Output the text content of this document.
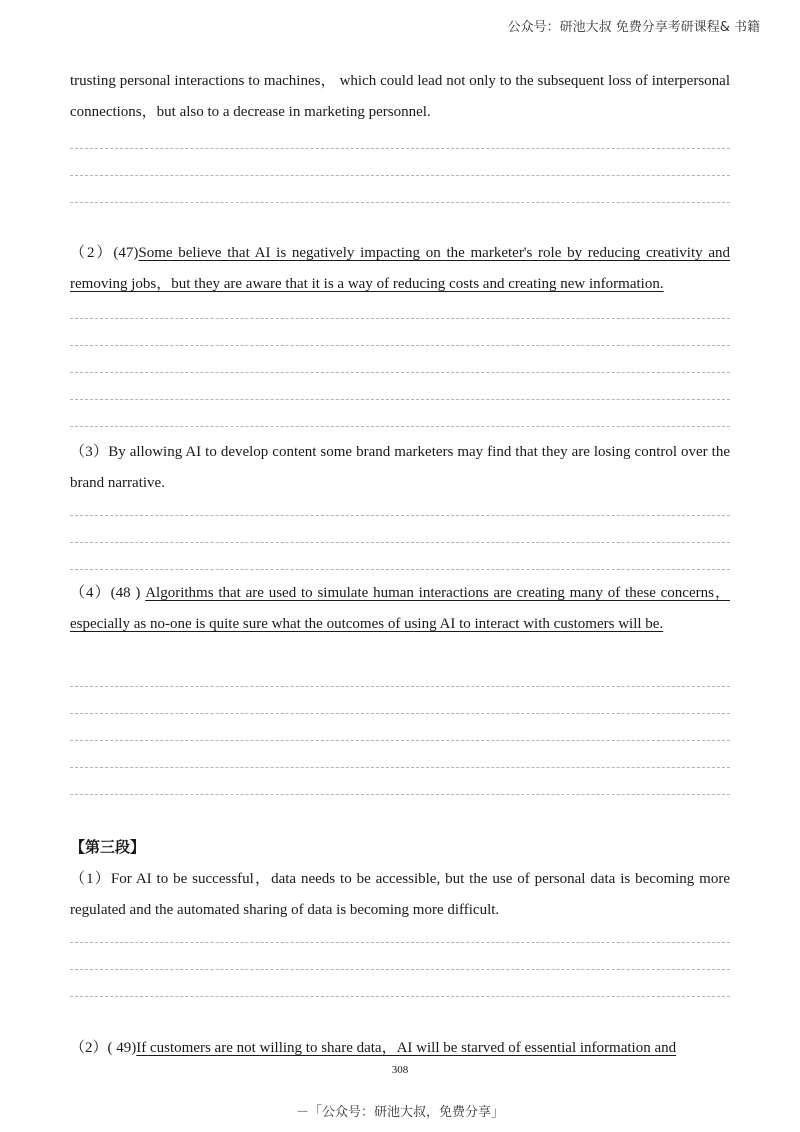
公众号：研池大叔 免费分享考研课程& 书籍

trusting personal interactions to machines， which could lead not only to the subsequent loss of interpersonal connections，but also to a decrease in marketing personnel.

（2）(47)Some believe that AI is negatively impacting on the marketer's role by reducing creativity and removing jobs，but they are aware that it is a way of reducing costs and creating new information.

（3）By allowing AI to develop content some brand marketers may find that they are losing control over the brand narrative.

（4）(48 ) Algorithms that are used to simulate human interactions are creating many of these concerns， especially as no-one is quite sure what the outcomes of using AI to interact with customers will be.

【第三段】

（1）For AI to be successful，data needs to be accessible, but the use of personal data is becoming more regulated and the automated sharing of data is becoming more difficult.

（2）( 49)If customers are not willing to share data，AI will be starved of essential information and

308
－「公众号：研池大叔，免费分享」
